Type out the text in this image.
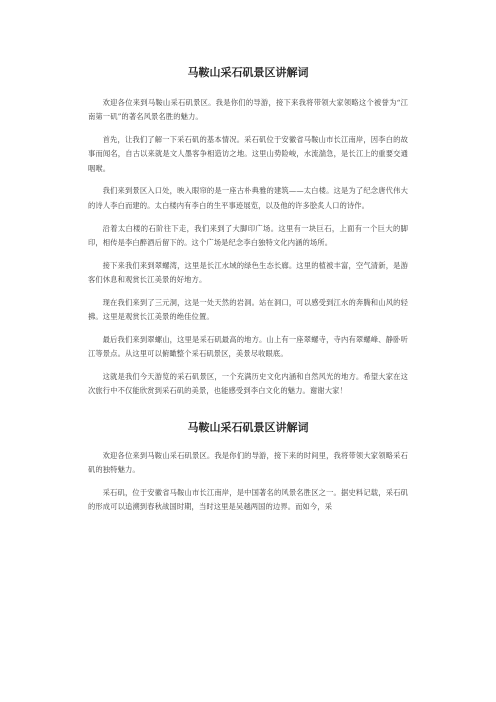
马鞍山采石矶景区讲解词

欢迎各位来到马鞍山采石矶景区。我是你们的导游，接下来我将带领大家领略这个被誉为“江南第一矶”的著名风景名胜的魅力。

首先，让我们了解一下采石矶的基本情况。采石矶位于安徽省马鞍山市长江南岸，因李白的故事而闻名，自古以来就是文人墨客争相造访之地。这里山势险峻，水流湍急，是长江上的重要交通咽喉。

我们来到景区入口处，映入眼帘的是一座古朴典雅的建筑——太白楼。这是为了纪念唐代伟大的诗人李白而建的。太白楼内有李白的生平事迹展览，以及他的许多脍炙人口的诗作。

沿着太白楼的石阶往下走，我们来到了大脚印广场。这里有一块巨石，上面有一个巨大的脚印，相传是李白醉酒后留下的。这个广场是纪念李白独特文化内涵的场所。

接下来我们来到翠螺湾，这里是长江水域的绿色生态长廊。这里的植被丰富，空气清新，是游客们休息和观赏长江美景的好地方。

现在我们来到了三元洞，这是一处天然的岩洞。站在洞口，可以感受到江水的奔腾和山风的轻拂。这里是观赏长江美景的绝佳位置。

最后我们来到翠螺山，这里是采石矶最高的地方。山上有一座翠螺寺，寺内有翠螺峰、静卧听江等景点。从这里可以俯瞰整个采石矶景区，美景尽收眼底。

这就是我们今天游览的采石矶景区，一个充满历史文化内涵和自然风光的地方。希望大家在这次旅行中不仅能欣赏到采石矶的美景，也能感受到李白文化的魅力。谢谢大家！

马鞍山采石矶景区讲解词

欢迎各位来到马鞍山采石矶景区。我是你们的导游，接下来的时间里，我将带领大家领略采石矶的独特魅力。

采石矶，位于安徽省马鞍山市长江南岸，是中国著名的风景名胜区之一。据史料记载，采石矶的形成可以追溯到春秋战国时期，当时这里是吴越两国的边界。而如今，采
